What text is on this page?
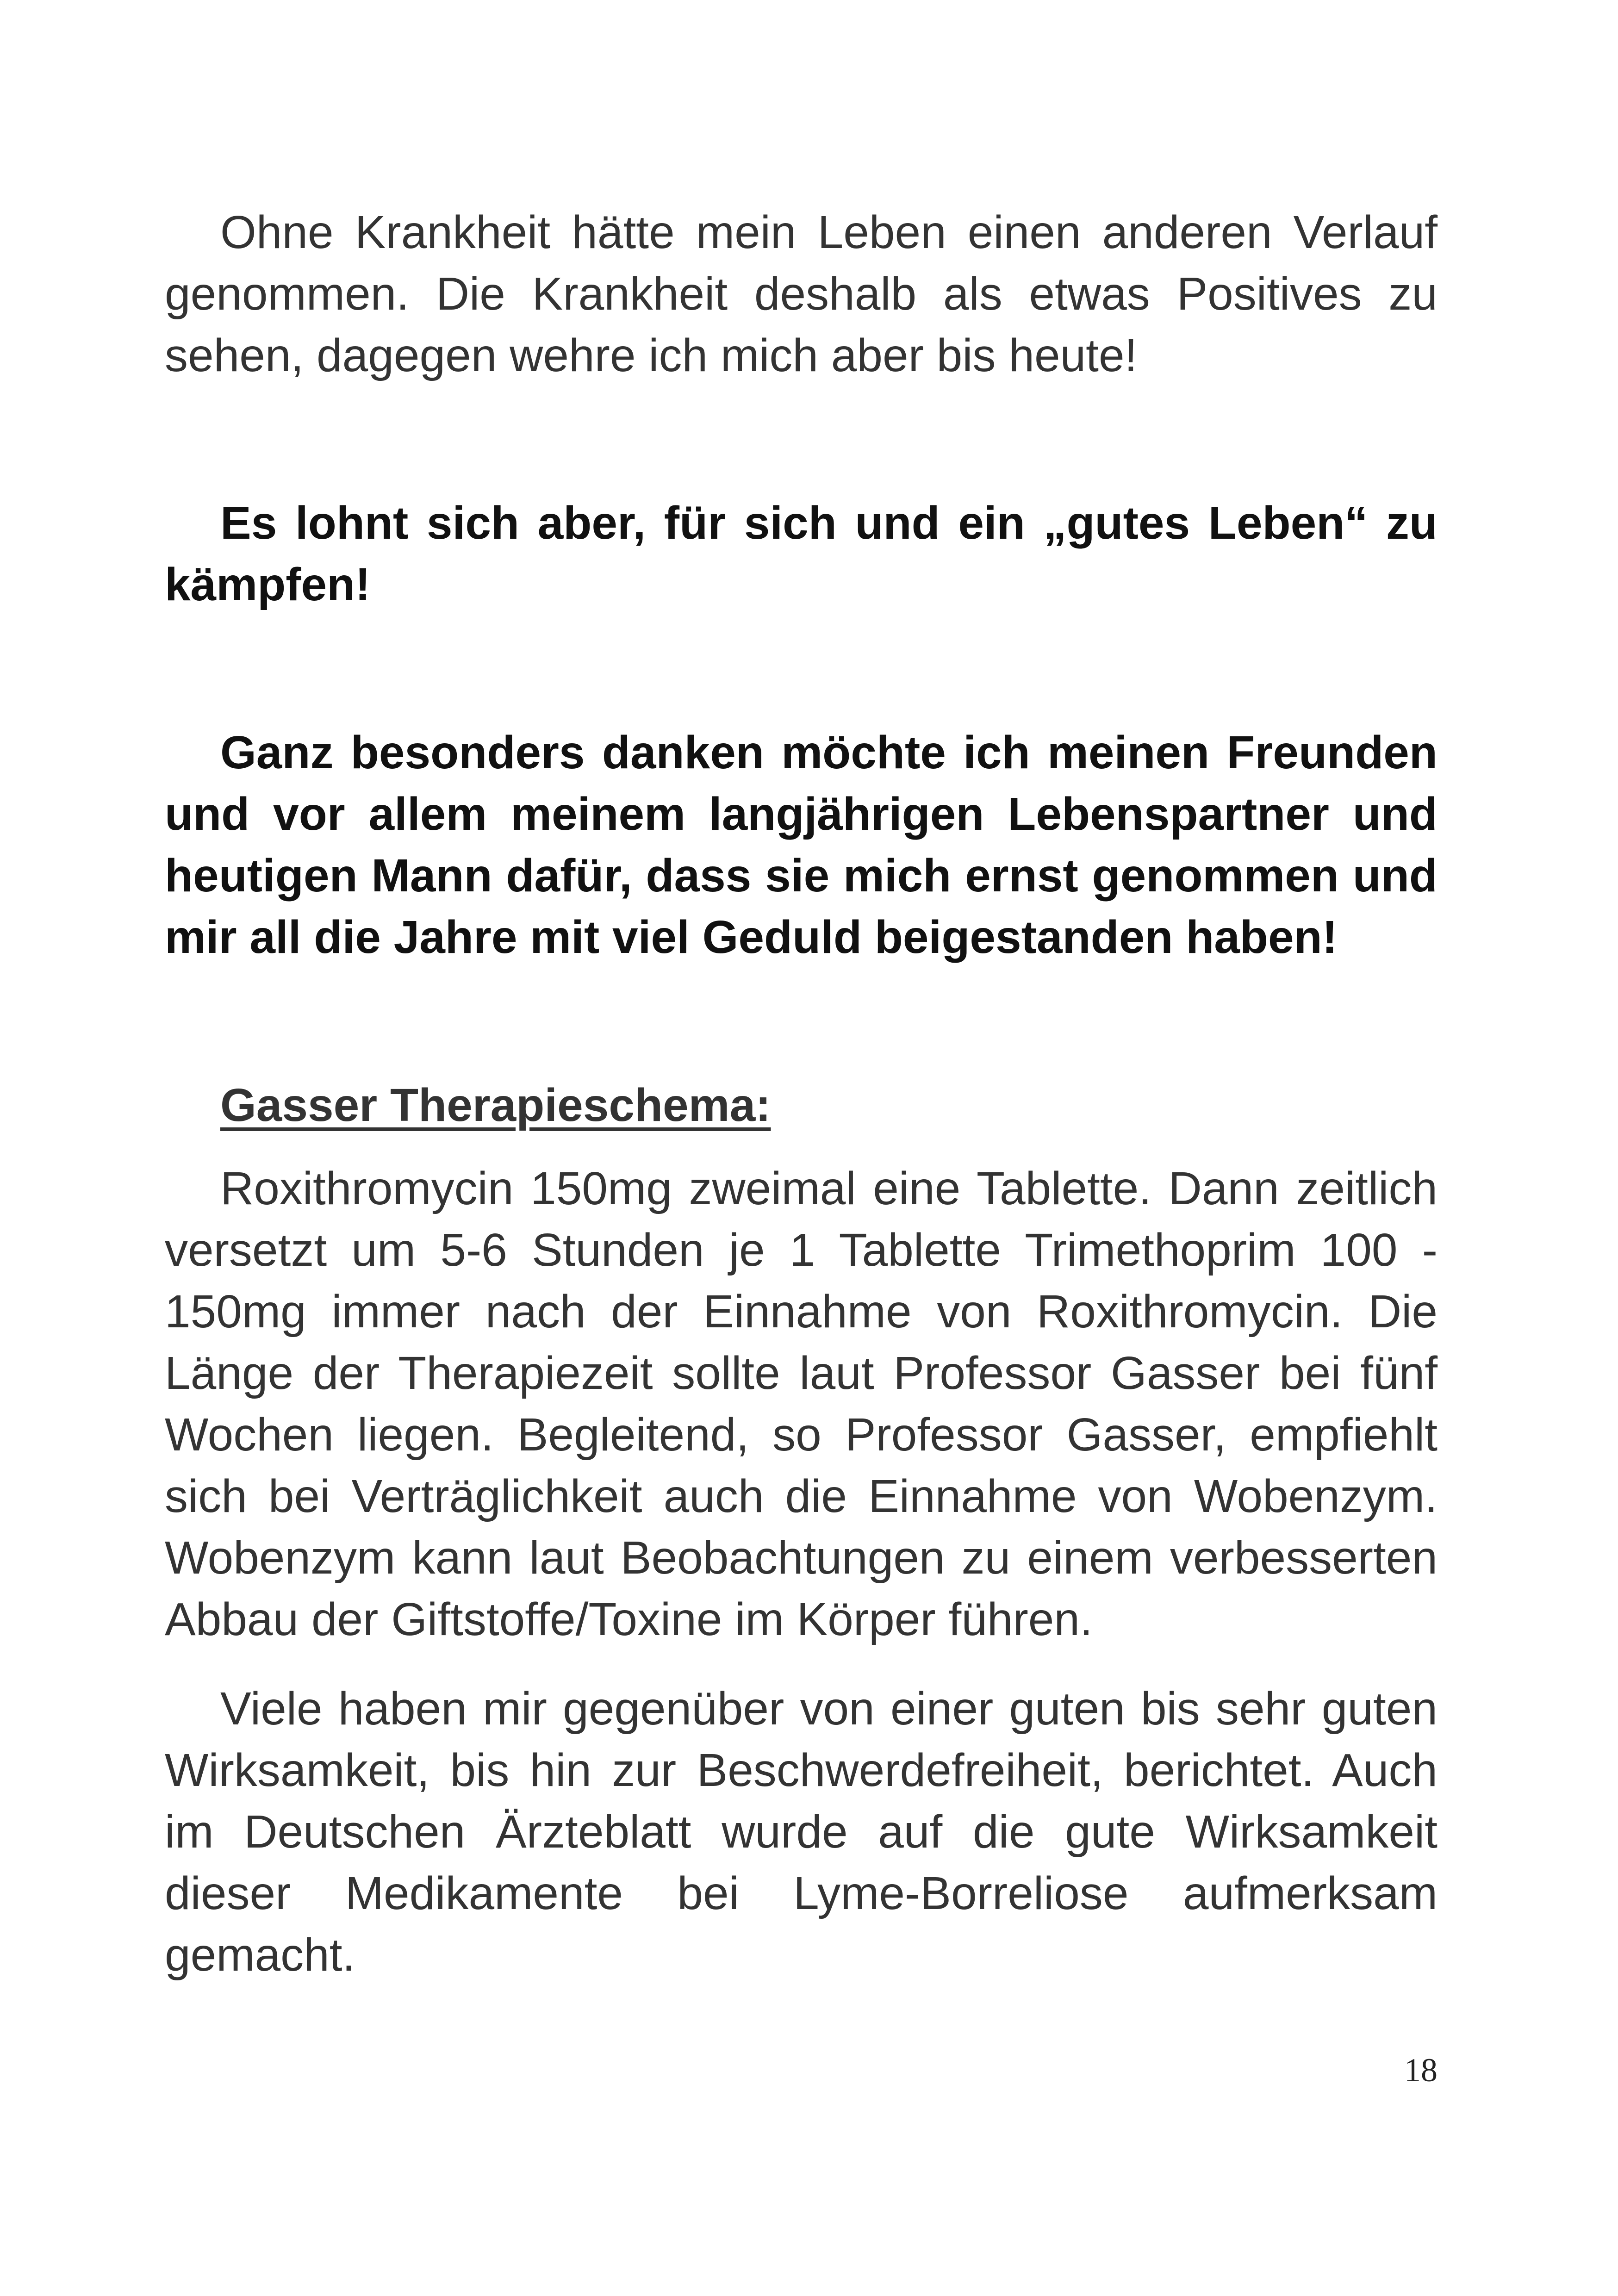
Ohne Krankheit hätte mein Leben einen anderen Verlauf genommen. Die Krankheit deshalb als etwas Positives zu sehen, dagegen wehre ich mich aber bis heute!

Es lohnt sich aber, für sich und ein „gutes Leben“ zu kämpfen!

Ganz besonders danken möchte ich meinen Freunden und vor allem meinem langjährigen Lebenspartner und heutigen Mann dafür, dass sie mich ernst genommen und mir all die Jahre mit viel Geduld beigestanden haben!

Gasser Therapieschema:

Roxithromycin 150mg zweimal eine Tablette. Dann zeitlich versetzt um 5-6 Stunden je 1 Tablette Trimethoprim 100 - 150mg immer nach der Einnahme von Roxithromycin. Die Länge der Therapiezeit sollte laut Professor Gasser bei fünf Wochen liegen. Begleitend, so Professor Gasser, empfiehlt sich bei Verträglichkeit auch die Einnahme von Wobenzym. Wobenzym kann laut Beobachtungen zu einem verbesserten Abbau der Giftstoffe/Toxine im Körper führen.

Viele haben mir gegenüber von einer guten bis sehr guten Wirksamkeit, bis hin zur Beschwerdefreiheit, berichtet. Auch im Deutschen Ärzteblatt wurde auf die gute Wirksamkeit dieser Medikamente bei Lyme-Borreliose aufmerksam gemacht.

18
